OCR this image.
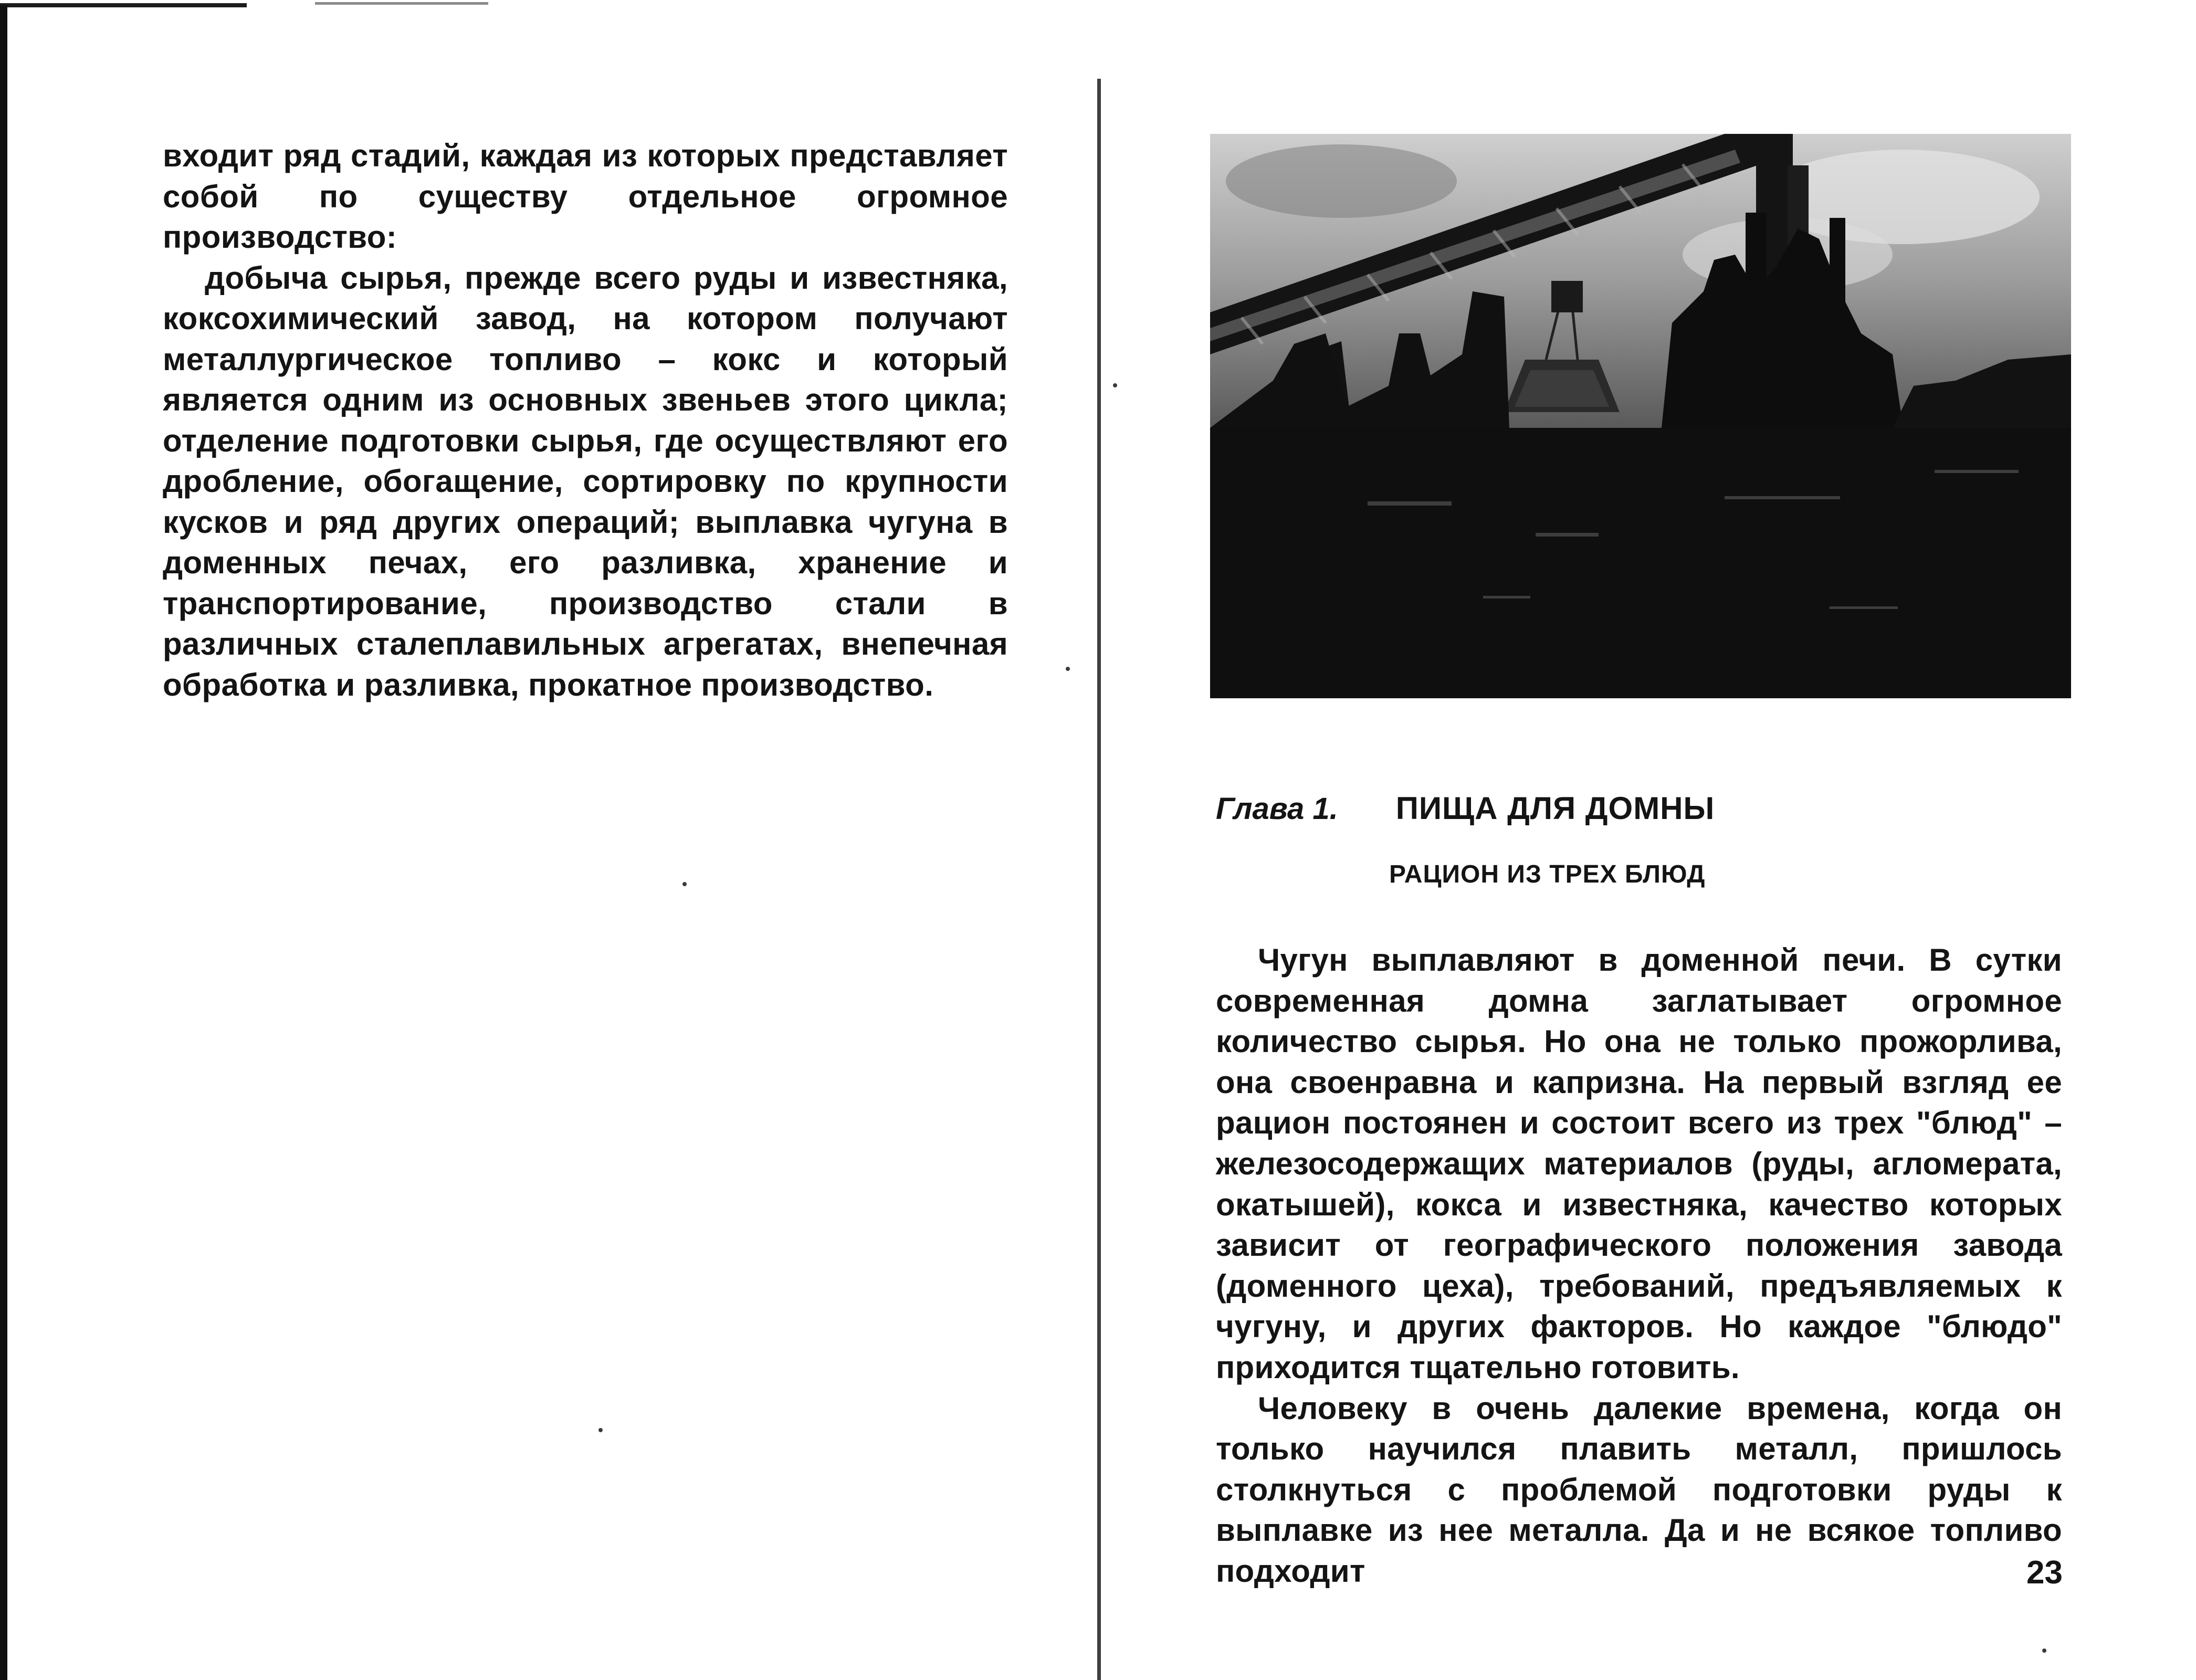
входит ряд стадий, каждая из которых представляет собой по существу отдельное огромное производство:

добыча сырья, прежде всего руды и известняка, коксохимический завод, на котором получают металлургическое топливо – кокс и который является одним из основных звеньев этого цикла; отделение подготовки сырья, где осуществляют его дробление, обогащение, сортировку по крупности кусков и ряд других операций; выплавка чугуна в доменных печах, его разливка, хранение и транспортирование, производство стали в различных сталеплавильных агрегатах, внепечная обработка и разливка, прокатное производство.

Глава 1. ПИЩА ДЛЯ ДОМНЫ
РАЦИОН ИЗ ТРЕХ БЛЮД

Чугун выплавляют в доменной печи. В сутки современная домна заглатывает огромное количество сырья. Но она не только прожорлива, она своенравна и капризна. На первый взгляд ее рацион постоянен и состоит всего из трех "блюд" – железосодержащих материалов (руды, агломерата, окатышей), кокса и известняка, качество которых зависит от географического положения завода (доменного цеха), требований, предъявляемых к чугуну, и других факторов. Но каждое "блюдо" приходится тщательно готовить.

Человеку в очень далекие времена, когда он только научился плавить металл, пришлось столкнуться с проблемой подготовки руды к выплавке из нее металла. Да и не всякое топливо подходит	23
